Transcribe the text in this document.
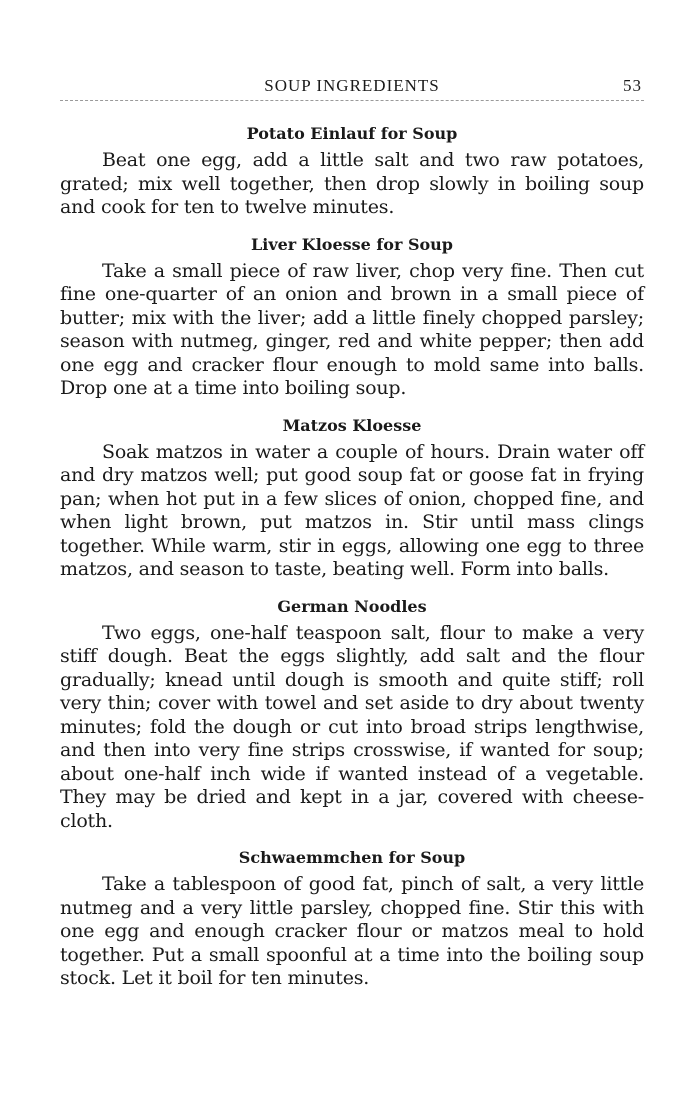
SOUP INGREDIENTS	53
Potato Einlauf for Soup

Beat one egg, add a little salt and two raw potatoes, grated; mix well together, then drop slowly in boiling soup and cook for ten to twelve minutes.

Liver Kloesse for Soup

Take a small piece of raw liver, chop very fine. Then cut fine one-quarter of an onion and brown in a small piece of butter; mix with the liver; add a little finely chopped parsley; season with nutmeg, ginger, red and white pepper; then add one egg and cracker flour enough to mold same into balls. Drop one at a time into boiling soup.

Matzos Kloesse

Soak matzos in water a couple of hours. Drain water off and dry matzos well; put good soup fat or goose fat in frying pan; when hot put in a few slices of onion, chopped fine, and when light brown, put matzos in. Stir until mass clings together. While warm, stir in eggs, allowing one egg to three matzos, and season to taste, beating well. Form into balls.

German Noodles

Two eggs, one-half teaspoon salt, flour to make a very stiff dough. Beat the eggs slightly, add salt and the flour gradually; knead until dough is smooth and quite stiff; roll very thin; cover with towel and set aside to dry about twenty minutes; fold the dough or cut into broad strips lengthwise, and then into very fine strips crosswise, if wanted for soup; about one-half inch wide if wanted instead of a vegetable. They may be dried and kept in a jar, covered with cheese-cloth.

Schwaemmchen for Soup

Take a tablespoon of good fat, pinch of salt, a very little nutmeg and a very little parsley, chopped fine. Stir this with one egg and enough cracker flour or matzos meal to hold together. Put a small spoonful at a time into the boiling soup stock. Let it boil for ten minutes.
